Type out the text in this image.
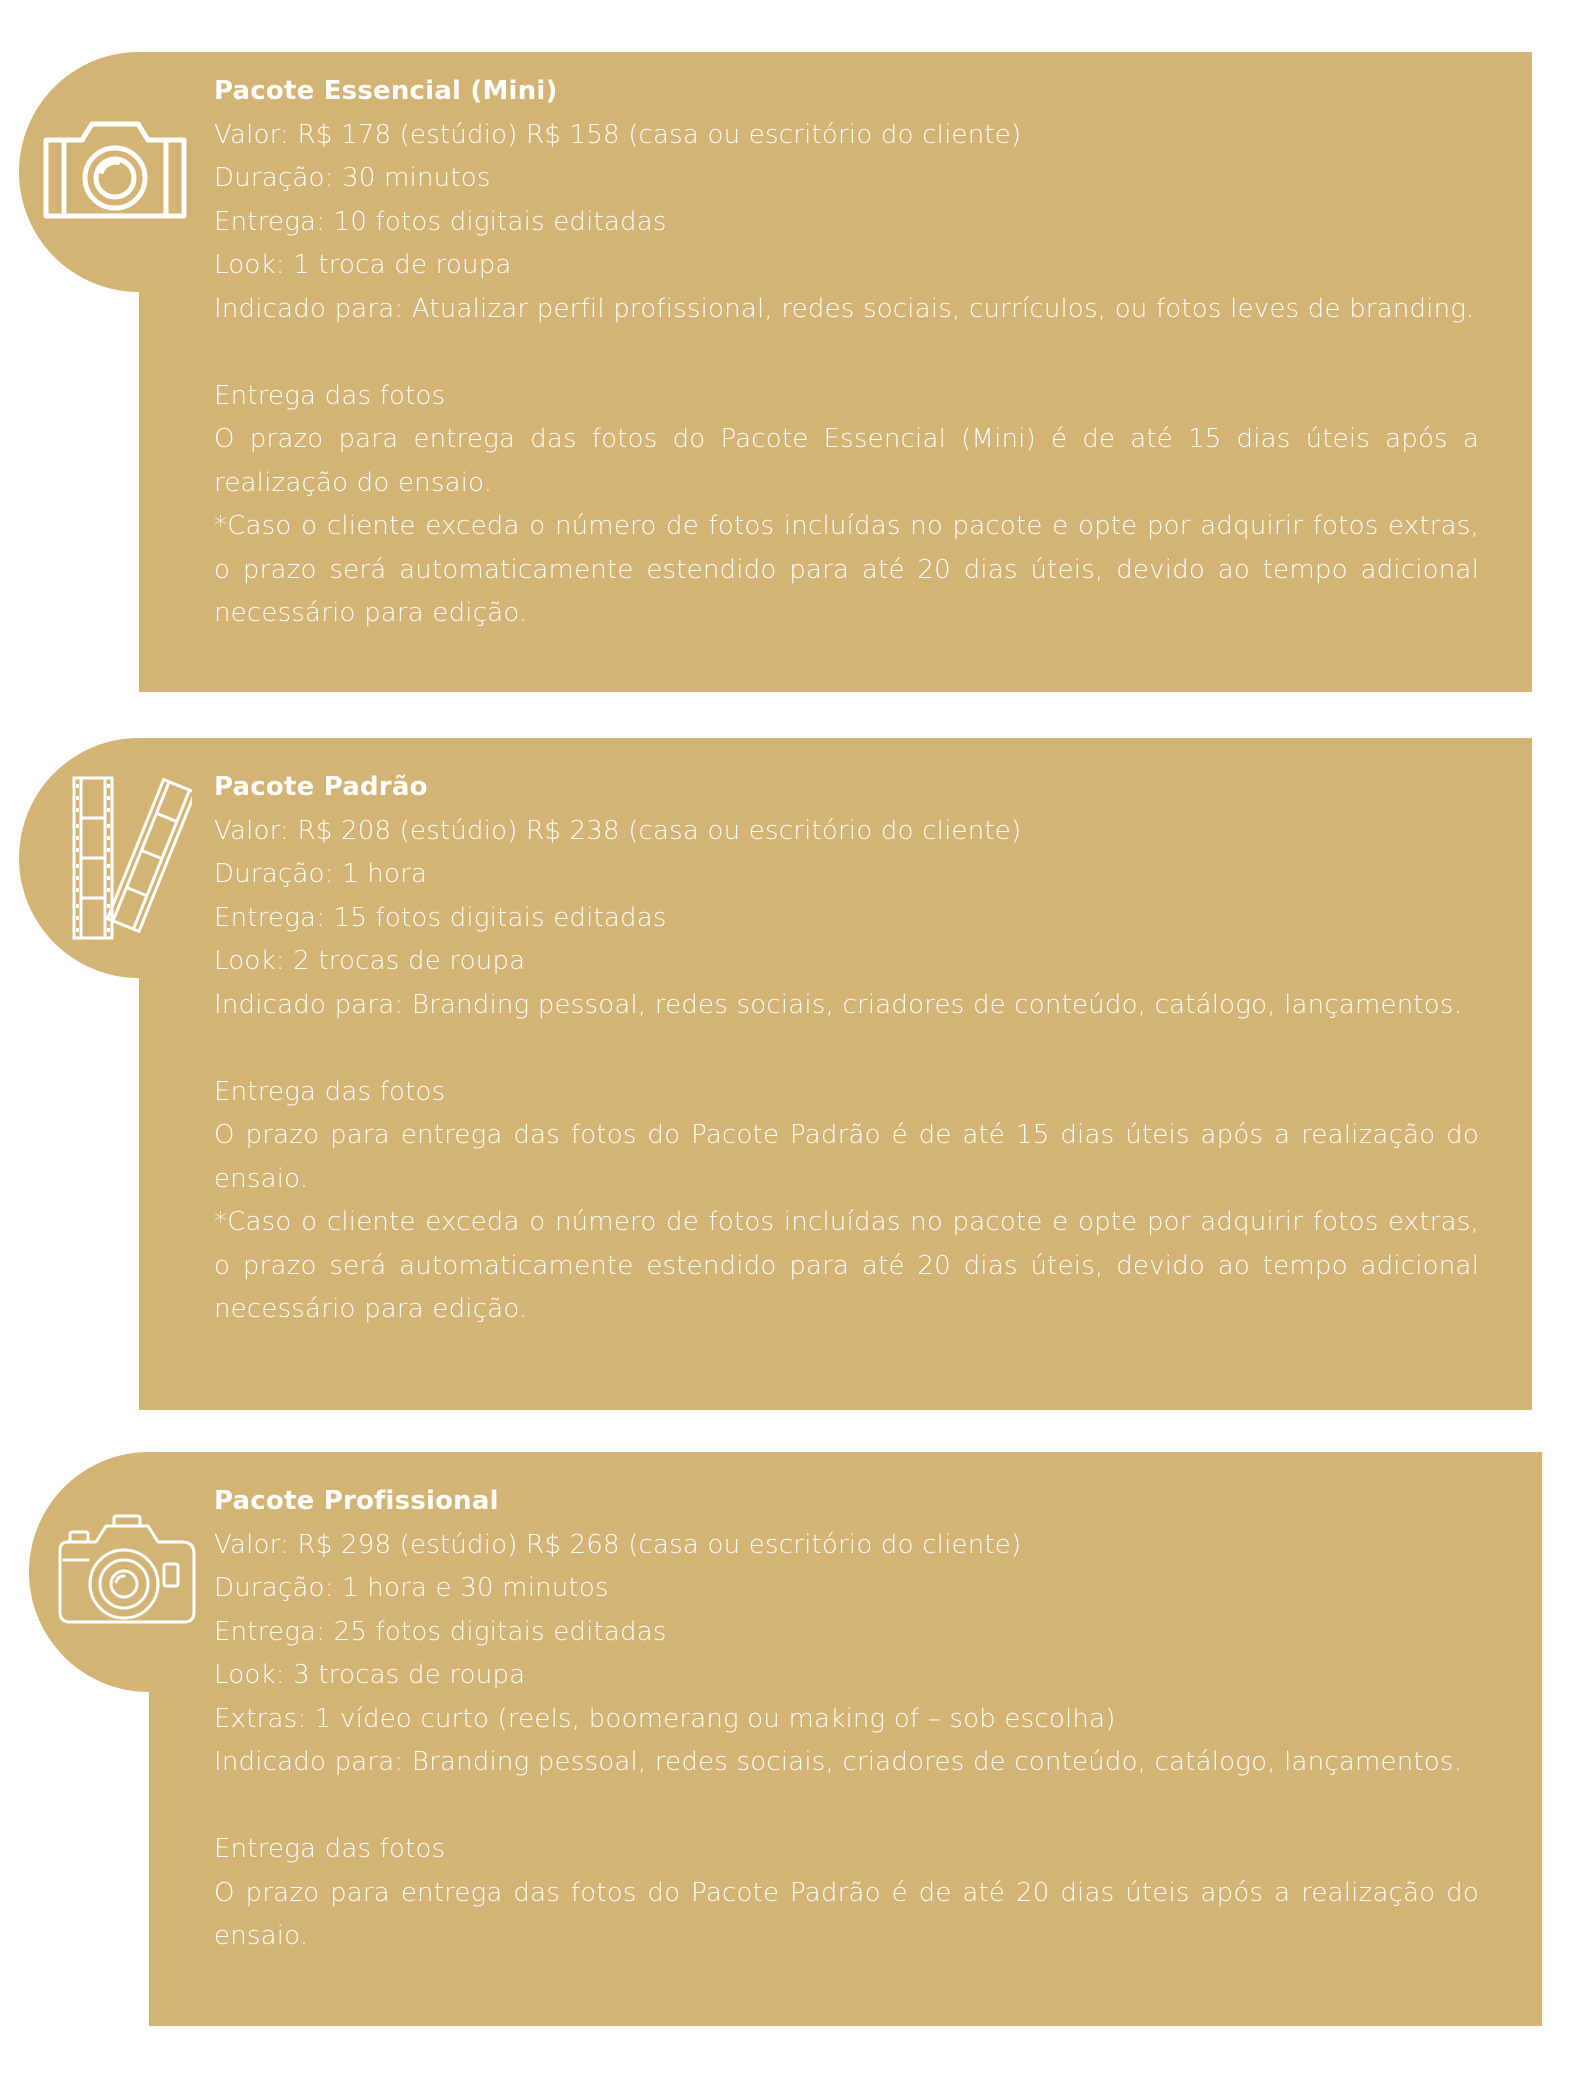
Pacote Essencial (Mini)

Valor: R$ 178 (estúdio) R$ 158 (casa ou escritório do cliente)

Duração: 30 minutos

Entrega: 10 fotos digitais editadas

Look: 1 troca de roupa

Indicado para: Atualizar perfil profissional, redes sociais, currículos, ou fotos leves de branding.

Entrega das fotos

O prazo para entrega das fotos do Pacote Essencial (Mini) é de até 15 dias úteis após a realização do ensaio.

*Caso o cliente exceda o número de fotos incluídas no pacote e opte por adquirir fotos extras, o prazo será automaticamente estendido para até 20 dias úteis, devido ao tempo adicional necessário para edição.

Pacote Padrão

Valor: R$ 208 (estúdio) R$ 238 (casa ou escritório do cliente)

Duração: 1 hora

Entrega: 15 fotos digitais editadas

Look: 2 trocas de roupa

Indicado para: Branding pessoal, redes sociais, criadores de conteúdo, catálogo, lançamentos.

Entrega das fotos

O prazo para entrega das fotos do Pacote Padrão é de até 15 dias úteis após a realização do ensaio.

*Caso o cliente exceda o número de fotos incluídas no pacote e opte por adquirir fotos extras, o prazo será automaticamente estendido para até 20 dias úteis, devido ao tempo adicional necessário para edição.

Pacote Profissional

Valor: R$ 298 (estúdio) R$ 268 (casa ou escritório do cliente)

Duração: 1 hora e 30 minutos

Entrega: 25 fotos digitais editadas

Look: 3 trocas de roupa

Extras: 1 vídeo curto (reels, boomerang ou making of – sob escolha)

Indicado para: Branding pessoal, redes sociais, criadores de conteúdo, catálogo, lançamentos.

Entrega das fotos

O prazo para entrega das fotos do Pacote Padrão é de até 20 dias úteis após a realização do ensaio.
